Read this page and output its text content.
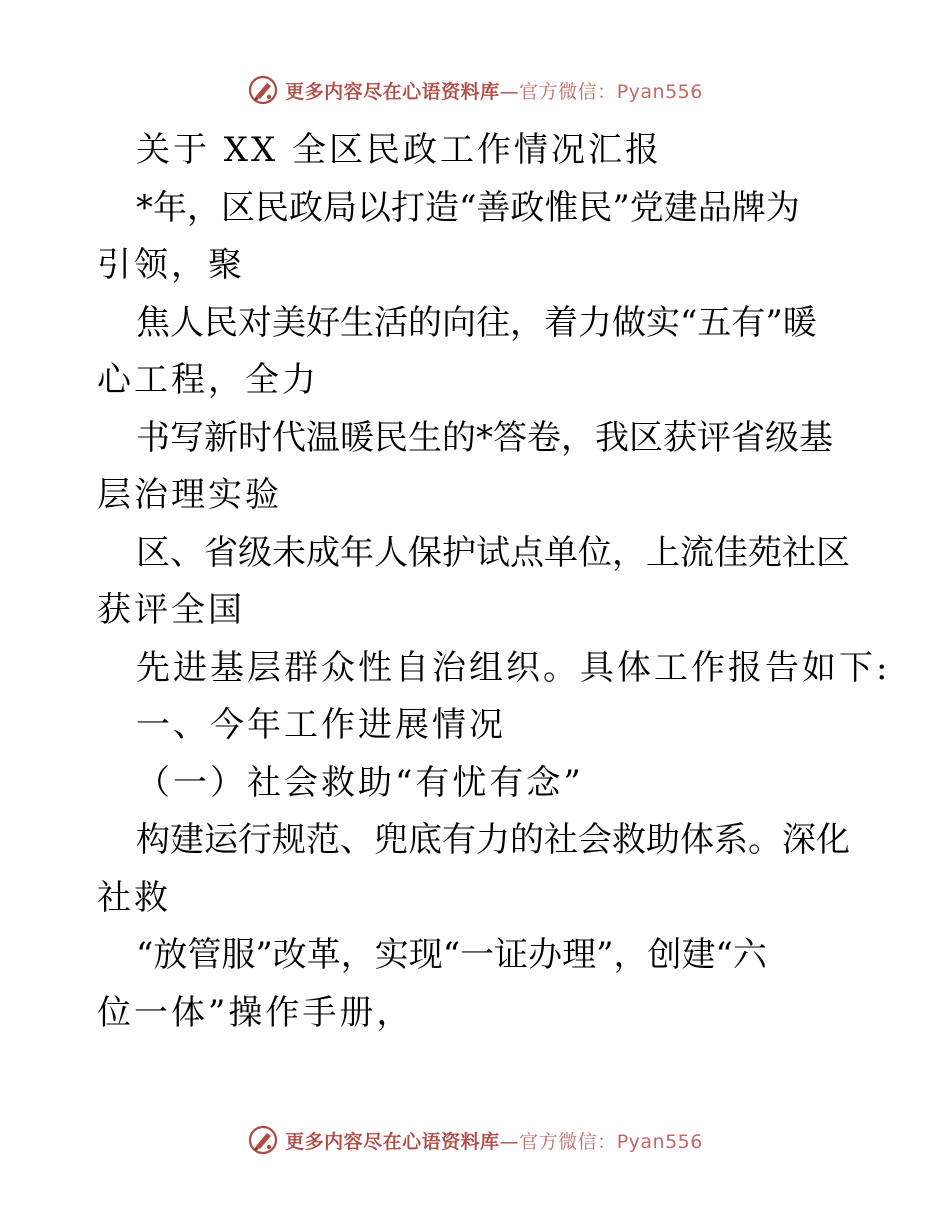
更多内容尽在心语资料库—官方微信：Pyan556
关于 XX 全区民政工作情况汇报
*年，区民政局以打造“善政惟民”党建品牌为
引领，聚
焦人民对美好生活的向往，着力做实“五有”暖
心工程，全力
书写新时代温暖民生的*答卷，我区获评省级基
层治理实验
区、省级未成年人保护试点单位，上流佳苑社区
获评全国
先进基层群众性自治组织。具体工作报告如下:
一、今年工作进展情况
（一）社会救助“有忧有念”
构建运行规范、兜底有力的社会救助体系。深化
社救
“放管服”改革，实现“一证办理”，创建“六
位一体”操作手册，
更多内容尽在心语资料库—官方微信：Pyan556
